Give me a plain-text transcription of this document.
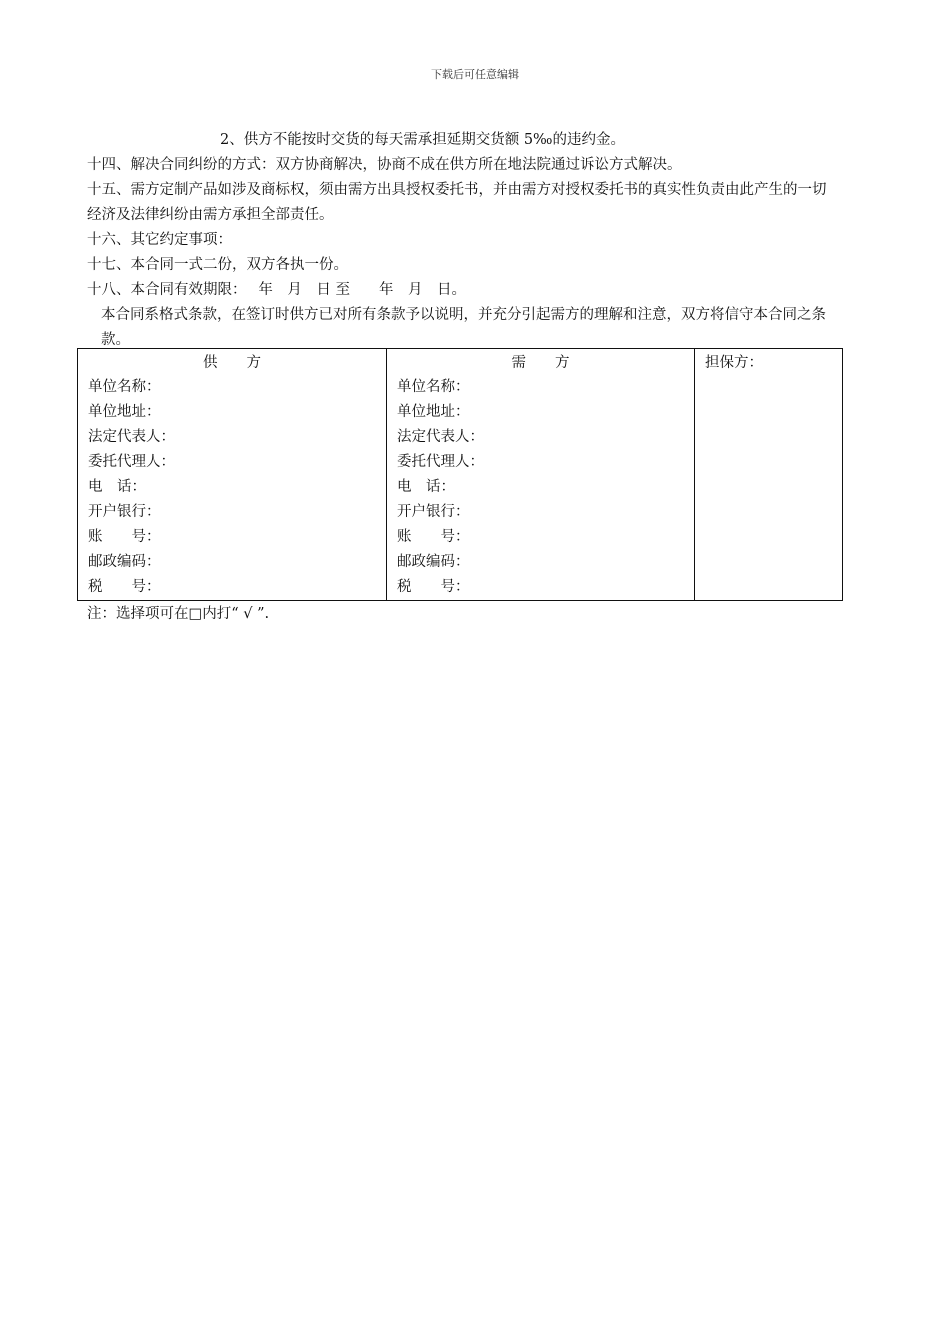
下载后可任意编辑
2、供方不能按时交货的每天需承担延期交货额 5‰的违约金。
十四、解决合同纠纷的方式：双方协商解决，协商不成在供方所在地法院通过诉讼方式解决。
十五、需方定制产品如涉及商标权，须由需方出具授权委托书，并由需方对授权委托书的真实性负责由此产生的一切经济及法律纠纷由需方承担全部责任。
十六、其它约定事项：
十七、本合同一式二份，双方各执一份。
十八、本合同有效期限：　 年　月　日 至　　年　月　日。
本合同系格式条款，在签订时供方已对所有条款予以说明，并充分引起需方的理解和注意，双方将信守本合同之条款。
供　　方
单位名称：
单位地址：
法定代表人：
委托代理人：
电　话：
开户银行：
账　　号：
邮政编码：
税　　号：

需　　方
单位名称：
单位地址：
法定代表人：
委托代理人：
电　话：
开户银行：
账　　号：
邮政编码：
税　　号：

担保方：
注：选择项可在□内打“ √ ”.
